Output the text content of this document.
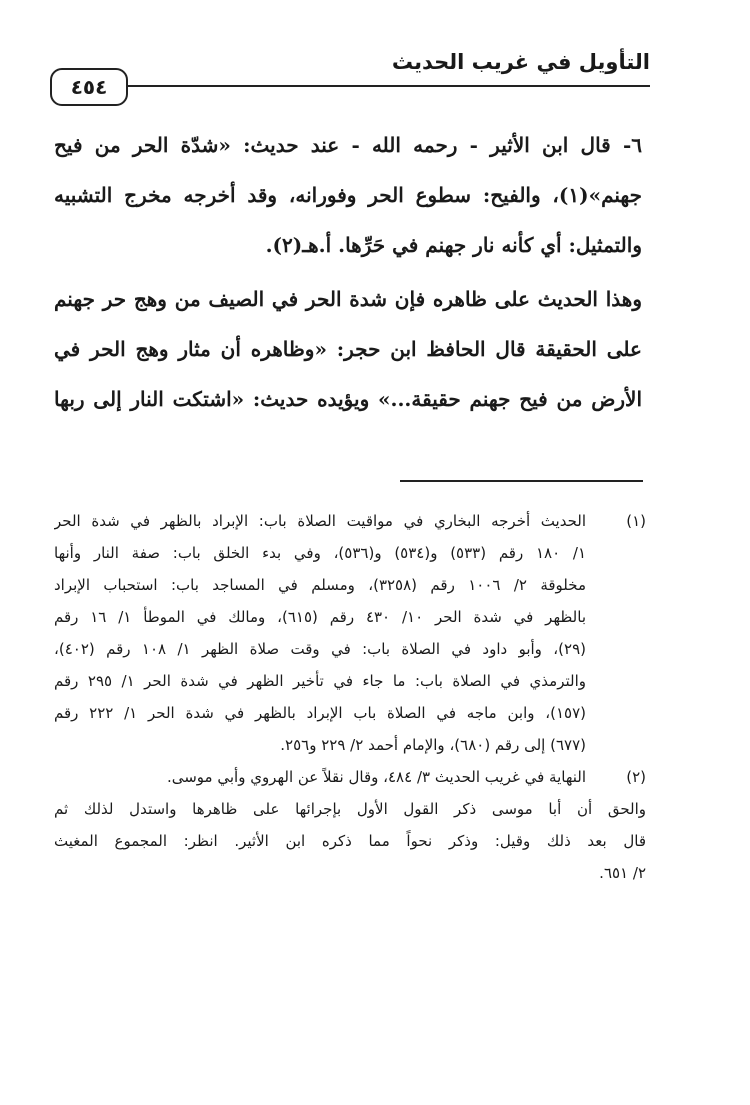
التأويل في غريب الحديث
٤٥٤
٦- قال ابن الأثير - رحمه الله - عند حديث: «شدّة الحر من فيح
جهنم»(١)، والفيح: سطوع الحر وفورانه، وقد أخرجه مخرج التشبيه
والتمثيل: أي كأنه نار جهنم في حَرِّها. أ.هـ(٢).
وهذا الحديث على ظاهره فإن شدة الحر في الصيف من وهج حر جهنم
على الحقيقة قال الحافظ ابن حجر: «وظاهره أن مثار وهج الحر في
الأرض من فيح جهنم حقيقة...» ويؤيده حديث: «اشتكت النار إلى ربها
(١)
الحديث أخرجه البخاري في مواقيت الصلاة باب: الإبراد بالظهر في شدة الحر
١/ ١٨٠ رقم (٥٣٣) و(٥٣٤) و(٥٣٦)، وفي بدء الخلق باب: صفة النار وأنها
مخلوقة ٢/ ١٠٠٦ رقم (٣٢٥٨)، ومسلم في المساجد باب: استحباب الإبراد
بالظهر في شدة الحر ١٠/ ٤٣٠ رقم (٦١٥)، ومالك في الموطأ ١/ ١٦ رقم
(٢٩)، وأبو داود في الصلاة باب: في وقت صلاة الظهر ١/ ١٠٨ رقم (٤٠٢)،
والترمذي في الصلاة باب: ما جاء في تأخير الظهر في شدة الحر ١/ ٢٩٥ رقم
(١٥٧)، وابن ماجه في الصلاة باب الإبراد بالظهر في شدة الحر ١/ ٢٢٢ رقم
(٦٧٧) إلى رقم (٦٨٠)، والإمام أحمد ٢/ ٢٢٩ و٢٥٦.
(٢)
النهاية في غريب الحديث ٣/ ٤٨٤، وقال نقلاً عن الهروي وأبي موسى.
والحق أن أبا موسى ذكر القول الأول بإجرائها على ظاهرها واستدل لذلك ثم
قال بعد ذلك وقيل: وذكر نحواً مما ذكره ابن الأثير. انظر: المجموع المغيث
٢/ ٦٥١.
